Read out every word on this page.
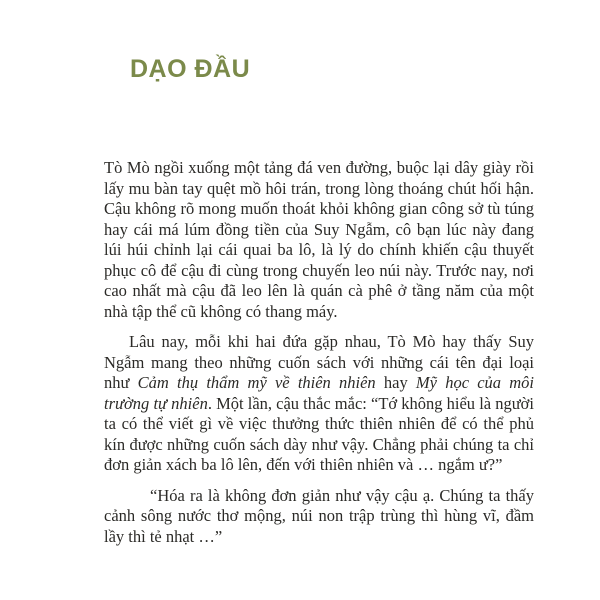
DẠO ĐẦU

Tò Mò ngồi xuống một tảng đá ven đường, buộc lại dây giày rồi lấy mu bàn tay quệt mồ hôi trán, trong lòng thoáng chút hối hận. Cậu không rõ mong muốn thoát khỏi không gian công sở tù túng hay cái má lúm đồng tiền của Suy Ngẫm, cô bạn lúc này đang lúi húi chỉnh lại cái quai ba lô, là lý do chính khiến cậu thuyết phục cô để cậu đi cùng trong chuyến leo núi này. Trước nay, nơi cao nhất mà cậu đã leo lên là quán cà phê ở tầng năm của một nhà tập thể cũ không có thang máy.

Lâu nay, mỗi khi hai đứa gặp nhau, Tò Mò hay thấy Suy Ngẫm mang theo những cuốn sách với những cái tên đại loại như Cảm thụ thẩm mỹ về thiên nhiên hay Mỹ học của môi trường tự nhiên. Một lần, cậu thắc mắc: “Tớ không hiểu là người ta có thể viết gì về việc thưởng thức thiên nhiên để có thể phủ kín được những cuốn sách dày như vậy. Chẳng phải chúng ta chỉ đơn giản xách ba lô lên, đến với thiên nhiên và … ngắm ư?”

“Hóa ra là không đơn giản như vậy cậu ạ. Chúng ta thấy cảnh sông nước thơ mộng, núi non trập trùng thì hùng vĩ, đầm lầy thì tẻ nhạt …”
